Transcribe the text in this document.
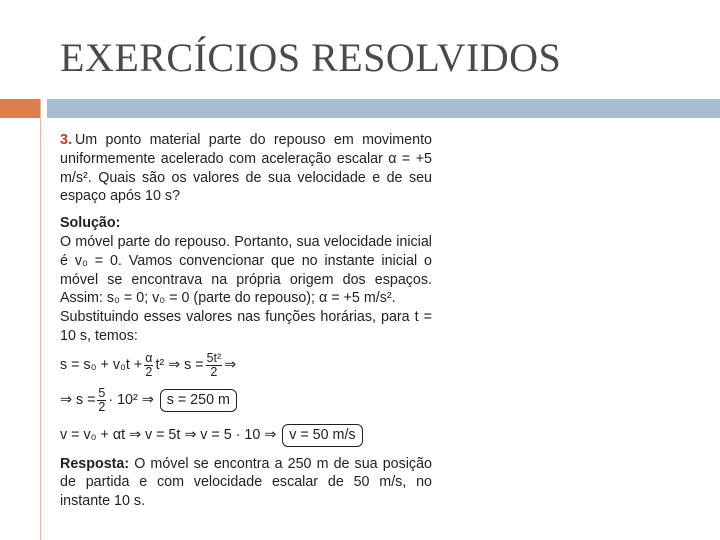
EXERCÍCIOS RESOLVIDOS

3. Um ponto material parte do repouso em movimento uniformemente acelerado com aceleração escalar α = +5 m/s². Quais são os valores de sua velocidade e de seu espaço após 10 s?

Solução:

O móvel parte do repouso. Portanto, sua velocidade inicial é v₀ = 0. Vamos convencionar que no instante inicial o móvel se encontrava na própria origem dos espaços. Assim: s₀ = 0; v₀ = 0 (parte do repouso); α = +5 m/s².

Substituindo esses valores nas funções horárias, para t = 10 s, temos:

$s = s_0 + v_0t + \frac{\alpha}{2} t^2$ ⇒ $s = \frac{\text{5t²}}{2}$ ⇒
⇒ $s = \frac{5}{2} \cdot 10^2$ ⇒ s = 250 m
v = v₀ + αt ⇒ v = 5t ⇒ v = 5 · 10 ⇒ v = 50 m/s

Resposta: O móvel se encontra a 250 m de sua posição de partida e com velocidade escalar de 50 m/s, no instante 10 s.
